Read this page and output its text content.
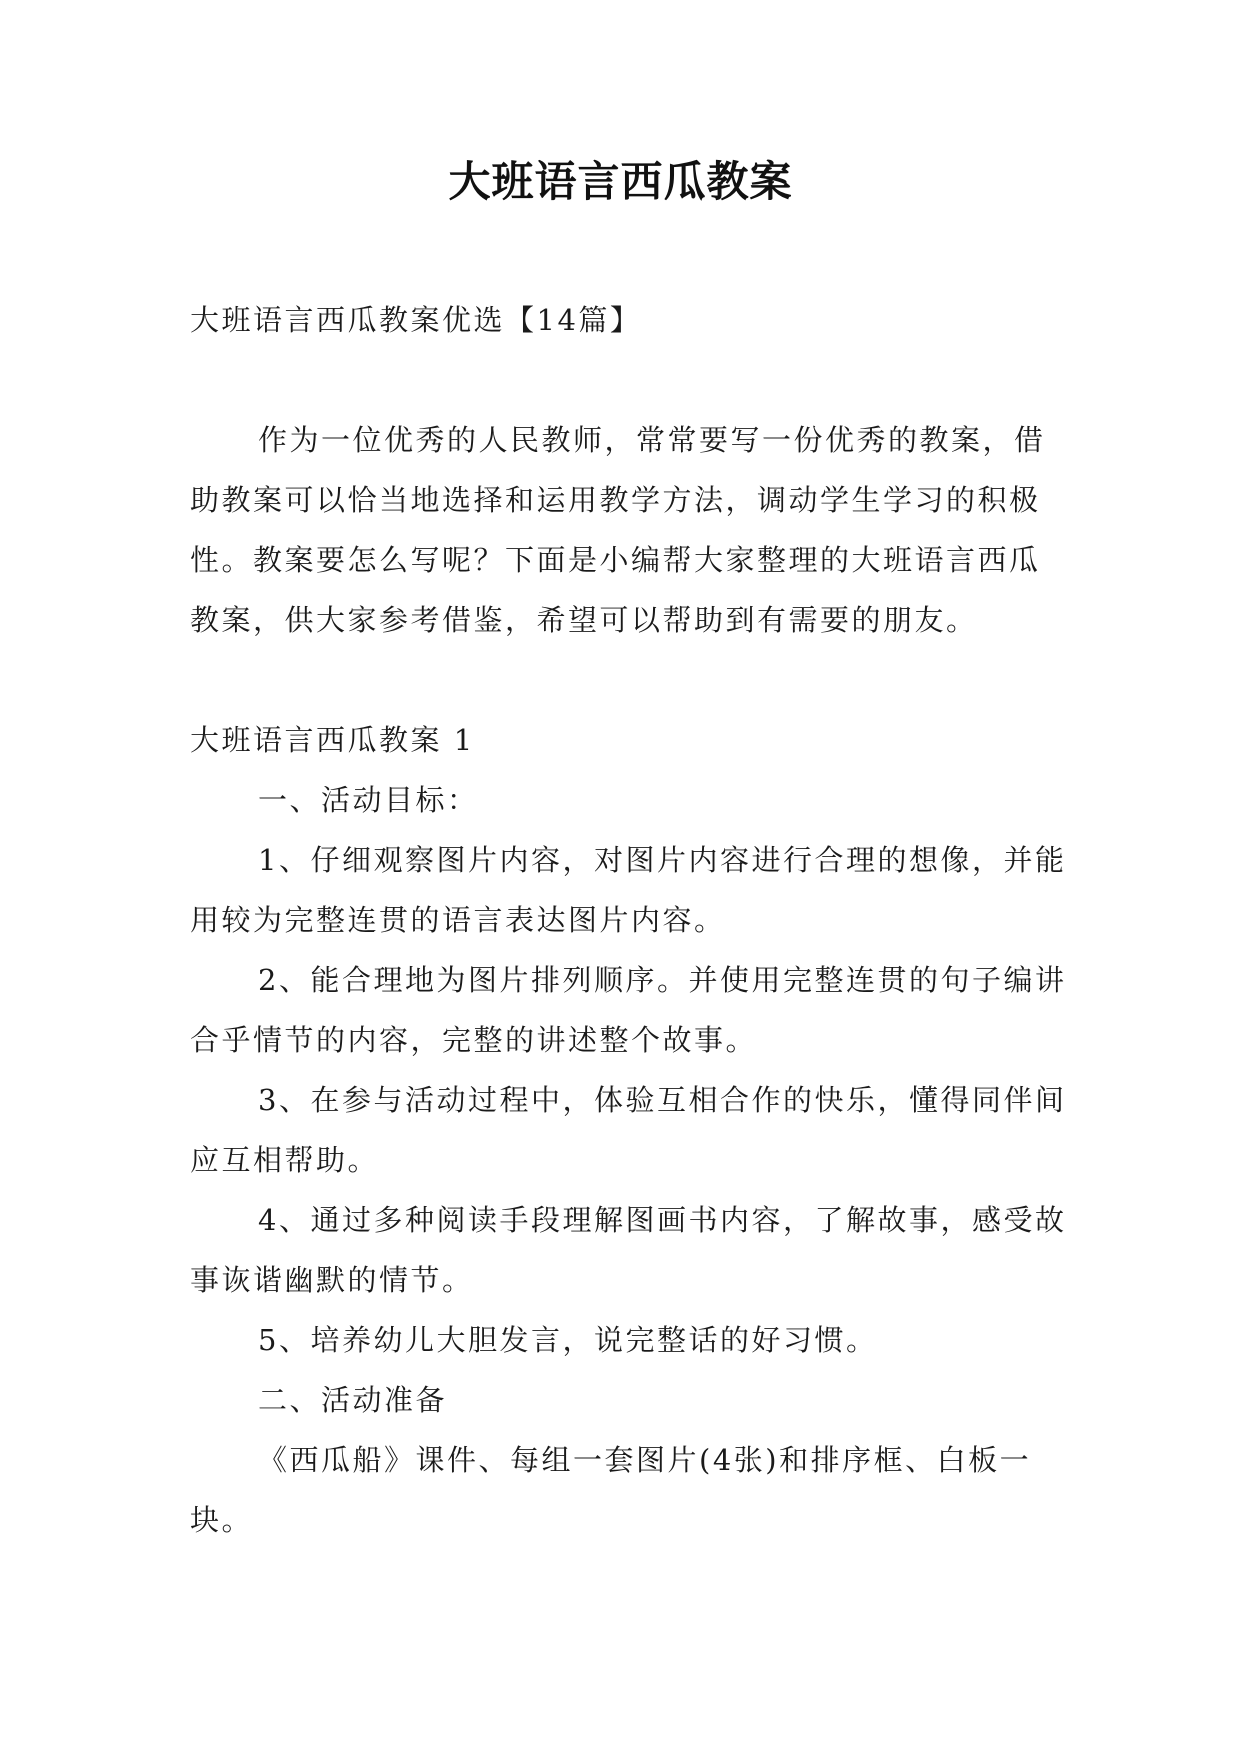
大班语言西瓜教案

大班语言西瓜教案优选【14篇】

作为一位优秀的人民教师，常常要写一份优秀的教案，借助教案可以恰当地选择和运用教学方法，调动学生学习的积极性。教案要怎么写呢？下面是小编帮大家整理的大班语言西瓜教案，供大家参考借鉴，希望可以帮助到有需要的朋友。

大班语言西瓜教案 1

一、活动目标：

1、仔细观察图片内容，对图片内容进行合理的想像，并能用较为完整连贯的语言表达图片内容。

2、能合理地为图片排列顺序。并使用完整连贯的句子编讲合乎情节的内容，完整的讲述整个故事。

3、在参与活动过程中，体验互相合作的快乐，懂得同伴间应互相帮助。

4、通过多种阅读手段理解图画书内容，了解故事，感受故事诙谐幽默的情节。

5、培养幼儿大胆发言，说完整话的好习惯。

二、活动准备

《西瓜船》课件、每组一套图片(4张)和排序框、白板一块。
